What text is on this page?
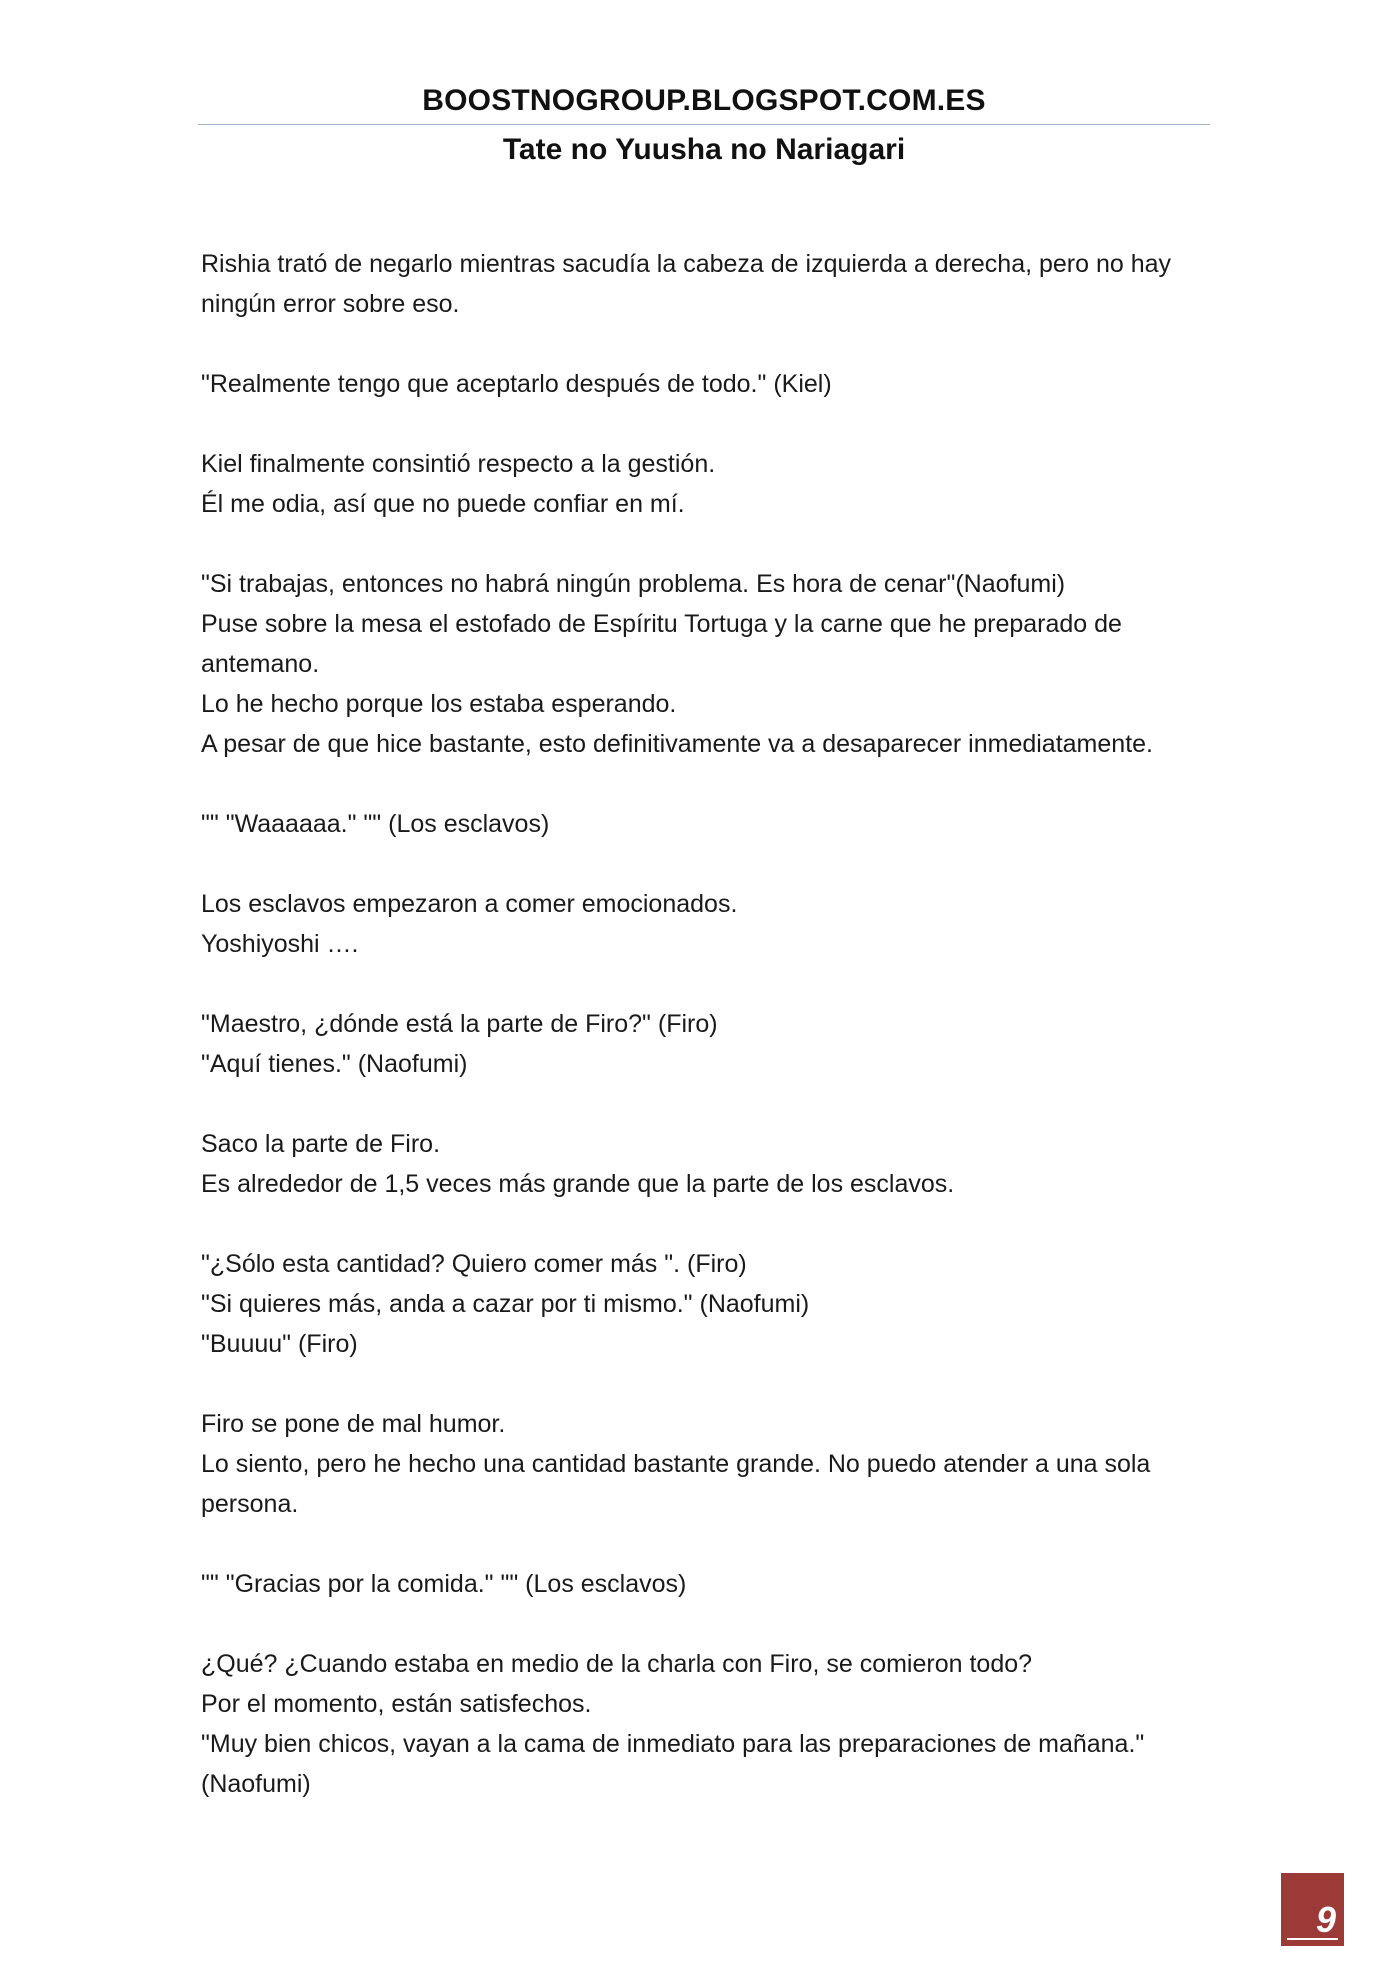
BOOSTNOGROUP.BLOGSPOT.COM.ES
Tate no Yuusha no Nariagari
Rishia trató de negarlo mientras sacudía la cabeza de izquierda a derecha, pero no hay ningún error sobre eso.
"Realmente tengo que aceptarlo después de todo." (Kiel)
Kiel finalmente consintió respecto a la gestión.
Él me odia, así que no puede confiar en mí.
"Si trabajas, entonces no habrá ningún problema. Es hora de cenar"(Naofumi)
Puse sobre la mesa el estofado de Espíritu Tortuga y la carne que he preparado de antemano.
Lo he hecho porque los estaba esperando.
A pesar de que hice bastante, esto definitivamente va a desaparecer inmediatamente.
"" "Waaaaaa." "" (Los esclavos)
Los esclavos empezaron a comer emocionados.
Yoshiyoshi ….
"Maestro, ¿dónde está la parte de Firo?" (Firo)
"Aquí tienes." (Naofumi)
Saco la parte de Firo.
Es alrededor de 1,5 veces más grande que la parte de los esclavos.
"¿Sólo esta cantidad? Quiero comer más ". (Firo)
"Si quieres más, anda a cazar por ti mismo." (Naofumi)
"Buuuu" (Firo)
Firo se pone de mal humor.
Lo siento, pero he hecho una cantidad bastante grande. No puedo atender a una sola persona.
"" "Gracias por la comida." "" (Los esclavos)
¿Qué? ¿Cuando estaba en medio de la charla con Firo, se comieron todo?
Por el momento, están satisfechos.
"Muy bien chicos, vayan a la cama de inmediato para las preparaciones de mañana." (Naofumi)
9
